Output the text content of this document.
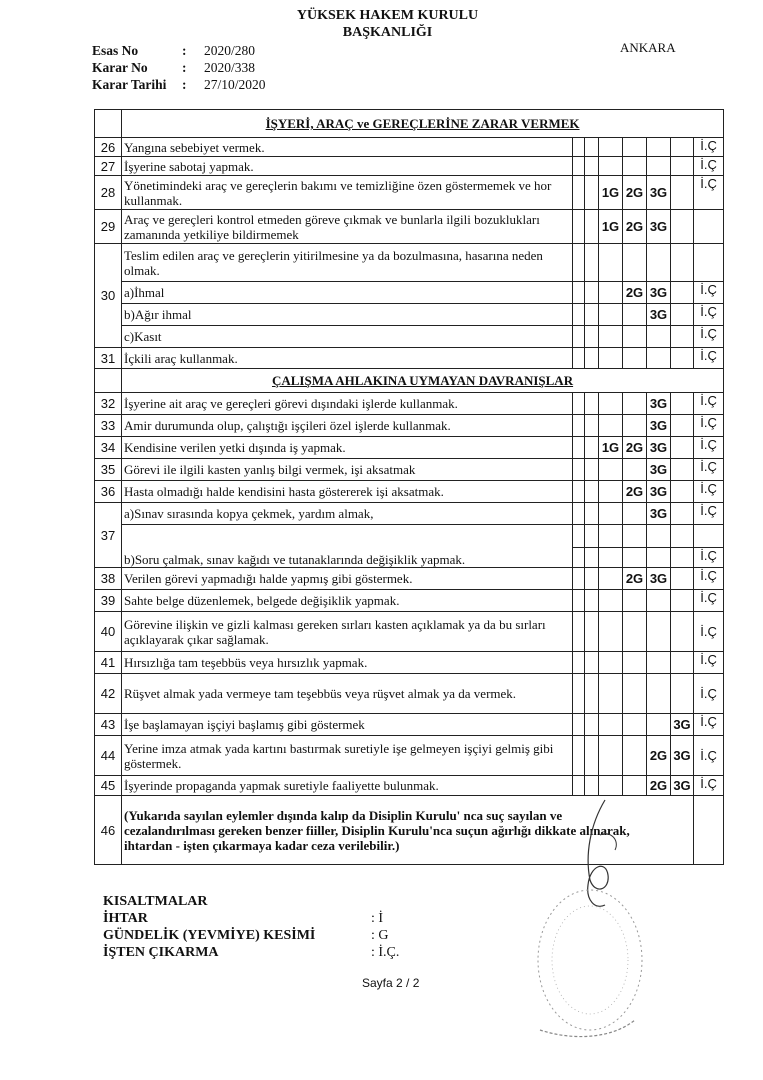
YÜKSEK HAKEM KURULU
BAŞKANLIĞI
Esas No	: 2020/280
Karar No	: 2020/338
Karar Tarihi : 27/10/2020
ANKARA
	İŞYERİ, ARAÇ ve GEREÇLERİNE ZARAR VERMEK							
26	Yangına sebebiyet vermek.							İ.Ç
27	İşyerine sabotaj yapmak.							İ.Ç
28	Yönetimindeki araç ve gereçlerin bakımı ve temizliğine özen göstermemek ve hor kullanmak.			1G	2G	3G		İ.Ç
29	Araç ve gereçleri kontrol etmeden göreve çıkmak ve bunlarla ilgili bozuklukları zamanında yetkiliye bildirmemek			1G	2G	3G		
30	Teslim edilen araç ve gereçlerin yitirilmesine ya da bozulmasına, hasarına neden olmak.							
	a)İhmal				2G	3G		İ.Ç
	b)Ağır ihmal					3G		İ.Ç
	c)Kasıt							İ.Ç
31	İçkili araç kullanmak.							İ.Ç
	ÇALIŞMA AHLAKINA UYMAYAN DAVRANIŞLAR							
32	İşyerine ait araç ve gereçleri görevi dışındaki işlerde kullanmak.					3G		İ.Ç
33	Amir durumunda olup, çalıştığı işçileri özel işlerde kullanmak.					3G		İ.Ç
34	Kendisine verilen yetki dışında iş yapmak.			1G	2G	3G		İ.Ç
35	Görevi ile ilgili kasten yanlış bilgi vermek, işi aksatmak					3G		İ.Ç
36	Hasta olmadığı halde kendisini hasta göstererek işi aksatmak.				2G	3G		İ.Ç
37	a)Sınav sırasında kopya çekmek, yardım almak,					3G		İ.Ç

	b)Soru çalmak, sınav kağıdı ve tutanaklarında değişiklik yapmak.							İ.Ç
38	Verilen görevi yapmadığı halde yapmış gibi göstermek.				2G	3G		İ.Ç
39	Sahte belge düzenlemek, belgede değişiklik yapmak.							İ.Ç
40	Görevine ilişkin ve gizli kalması gereken sırları kasten açıklamak ya da bu sırları açıklayarak çıkar sağlamak.							İ.Ç
41	Hırsızlığa tam teşebbüs veya hırsızlık yapmak.							İ.Ç
42	Rüşvet almak yada vermeye tam teşebbüs veya rüşvet almak ya da vermek.							İ.Ç
43	İşe başlamayan işçiyi başlamış gibi göstermek						3G	İ.Ç
44	Yerine imza atmak yada kartını bastırmak suretiyle işe gelmeyen işçiyi gelmiş gibi göstermek.					2G	3G	İ.Ç
45	İşyerinde propaganda yapmak suretiyle faaliyette bulunmak.					2G	3G	İ.Ç
46	(Yukarıda sayılan eylemler dışında kalıp da Disiplin Kurulu' nca suç sayılan ve cezalandırılması gereken benzer fiiller, Disiplin Kurulu'nca suçun ağırlığı dikkate alınarak, ihtardan - işten çıkarmaya kadar ceza verilebilir.)							
KISALTMALAR
İHTAR	: İ
GÜNDELİK (YEVMİYE) KESİMİ	: G
İŞTEN ÇIKARMA	: İ.Ç.
Sayfa 2 / 2
